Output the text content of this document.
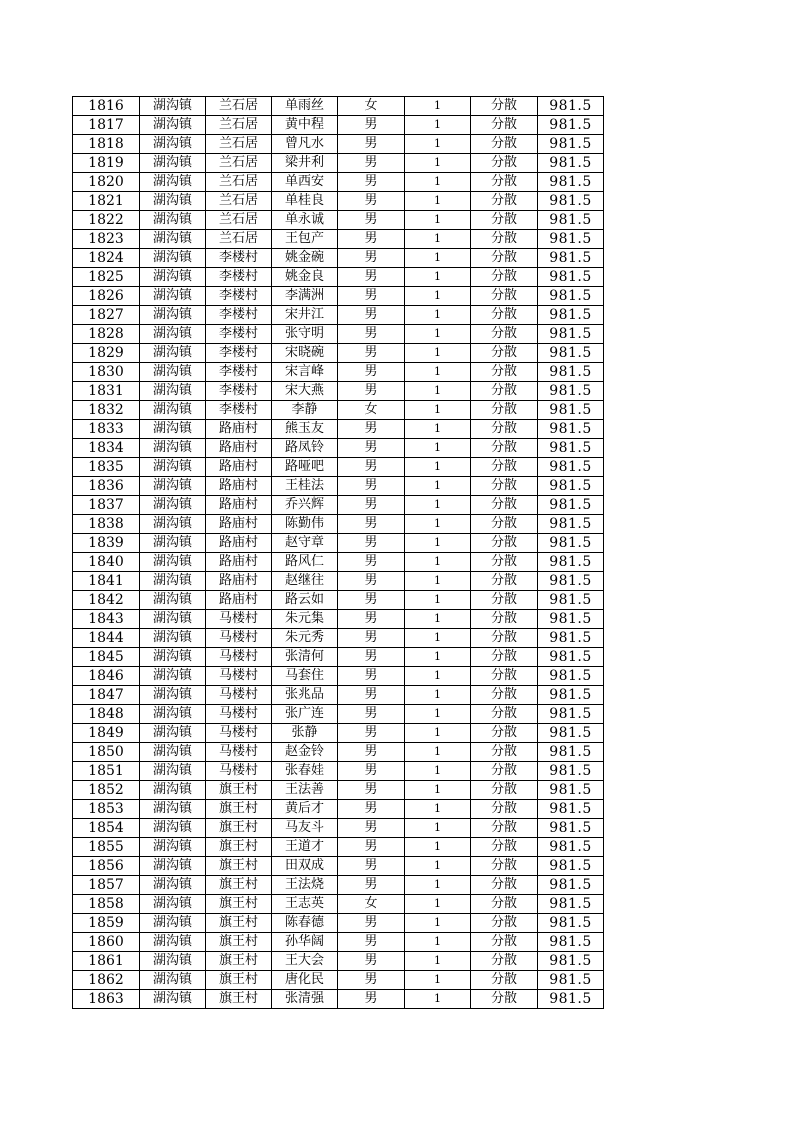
1816	湖沟镇	兰石居	单雨丝	女	1	分散	981.5
1817	湖沟镇	兰石居	黄中程	男	1	分散	981.5
1818	湖沟镇	兰石居	曾凡水	男	1	分散	981.5
1819	湖沟镇	兰石居	梁井利	男	1	分散	981.5
1820	湖沟镇	兰石居	单西安	男	1	分散	981.5
1821	湖沟镇	兰石居	单桂良	男	1	分散	981.5
1822	湖沟镇	兰石居	单永诚	男	1	分散	981.5
1823	湖沟镇	兰石居	王包产	男	1	分散	981.5
1824	湖沟镇	李楼村	姚金碗	男	1	分散	981.5
1825	湖沟镇	李楼村	姚金良	男	1	分散	981.5
1826	湖沟镇	李楼村	李满洲	男	1	分散	981.5
1827	湖沟镇	李楼村	宋井江	男	1	分散	981.5
1828	湖沟镇	李楼村	张守明	男	1	分散	981.5
1829	湖沟镇	李楼村	宋晓碗	男	1	分散	981.5
1830	湖沟镇	李楼村	宋言峰	男	1	分散	981.5
1831	湖沟镇	李楼村	宋大燕	男	1	分散	981.5
1832	湖沟镇	李楼村	李静	女	1	分散	981.5
1833	湖沟镇	路庙村	熊玉友	男	1	分散	981.5
1834	湖沟镇	路庙村	路凤铃	男	1	分散	981.5
1835	湖沟镇	路庙村	路哑吧	男	1	分散	981.5
1836	湖沟镇	路庙村	王桂法	男	1	分散	981.5
1837	湖沟镇	路庙村	乔兴辉	男	1	分散	981.5
1838	湖沟镇	路庙村	陈勤伟	男	1	分散	981.5
1839	湖沟镇	路庙村	赵守章	男	1	分散	981.5
1840	湖沟镇	路庙村	路风仁	男	1	分散	981.5
1841	湖沟镇	路庙村	赵继往	男	1	分散	981.5
1842	湖沟镇	路庙村	路云如	男	1	分散	981.5
1843	湖沟镇	马楼村	朱元集	男	1	分散	981.5
1844	湖沟镇	马楼村	朱元秀	男	1	分散	981.5
1845	湖沟镇	马楼村	张清何	男	1	分散	981.5
1846	湖沟镇	马楼村	马套住	男	1	分散	981.5
1847	湖沟镇	马楼村	张兆品	男	1	分散	981.5
1848	湖沟镇	马楼村	张广连	男	1	分散	981.5
1849	湖沟镇	马楼村	张静	男	1	分散	981.5
1850	湖沟镇	马楼村	赵金铃	男	1	分散	981.5
1851	湖沟镇	马楼村	张春娃	男	1	分散	981.5
1852	湖沟镇	旗王村	王法善	男	1	分散	981.5
1853	湖沟镇	旗王村	黄后才	男	1	分散	981.5
1854	湖沟镇	旗王村	马友斗	男	1	分散	981.5
1855	湖沟镇	旗王村	王道才	男	1	分散	981.5
1856	湖沟镇	旗王村	田双成	男	1	分散	981.5
1857	湖沟镇	旗王村	王法烧	男	1	分散	981.5
1858	湖沟镇	旗王村	王志英	女	1	分散	981.5
1859	湖沟镇	旗王村	陈春德	男	1	分散	981.5
1860	湖沟镇	旗王村	孙华阔	男	1	分散	981.5
1861	湖沟镇	旗王村	王大会	男	1	分散	981.5
1862	湖沟镇	旗王村	唐化民	男	1	分散	981.5
1863	湖沟镇	旗王村	张清强	男	1	分散	981.5
